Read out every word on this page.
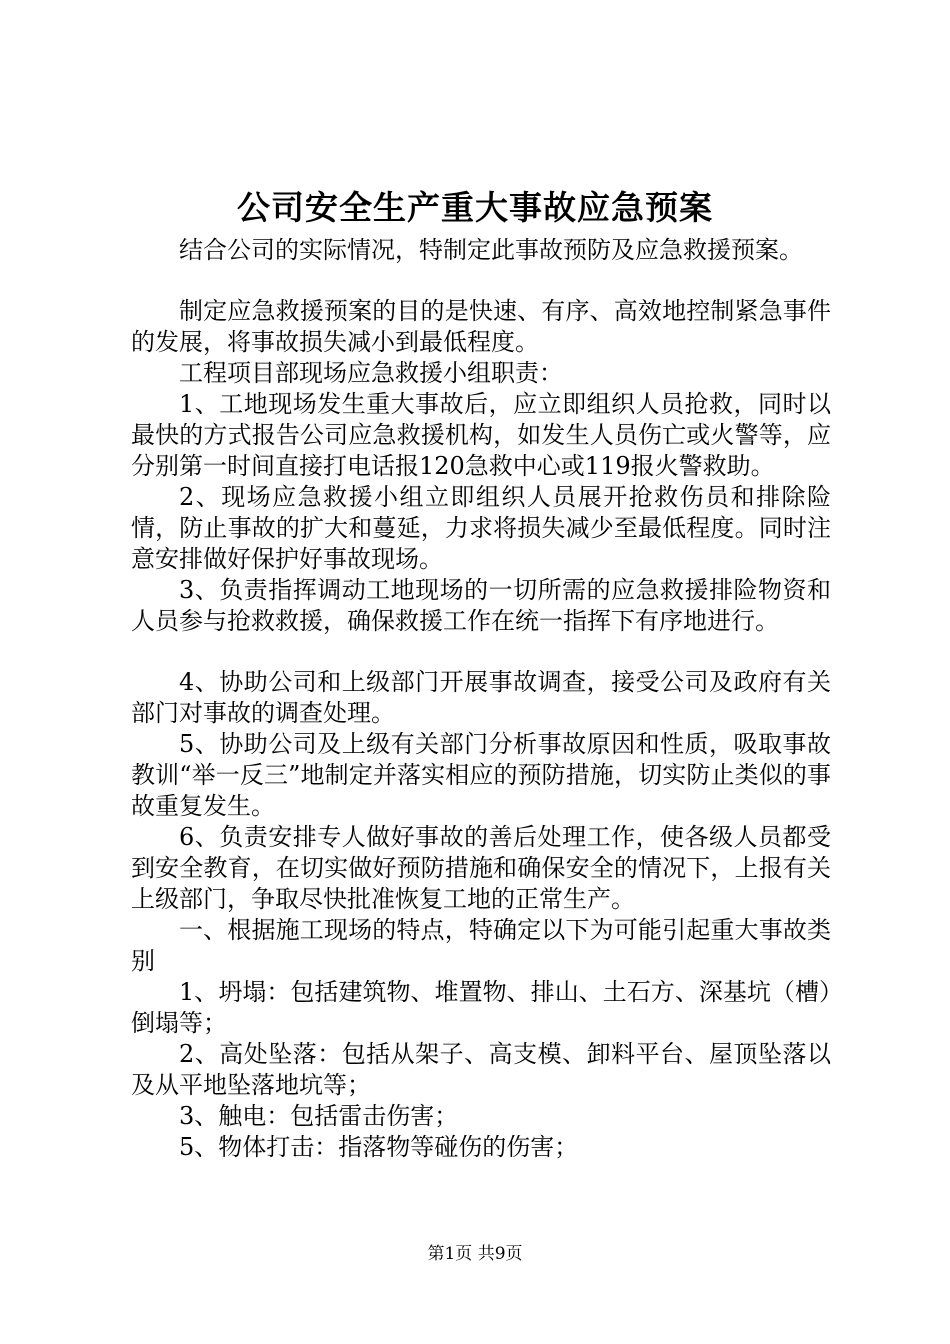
公司安全生产重大事故应急预案

结合公司的实际情况，特制定此事故预防及应急救援预案。

制定应急救援预案的目的是快速、有序、高效地控制紧急事件的发展，将事故损失减小到最低程度。

工程项目部现场应急救援小组职责：

1、工地现场发生重大事故后，应立即组织人员抢救，同时以最快的方式报告公司应急救援机构，如发生人员伤亡或火警等，应分别第一时间直接打电话报120急救中心或119报火警救助。

2、现场应急救援小组立即组织人员展开抢救伤员和排除险情，防止事故的扩大和蔓延，力求将损失减少至最低程度。同时注意安排做好保护好事故现场。

3、负责指挥调动工地现场的一切所需的应急救援排险物资和人员参与抢救救援，确保救援工作在统一指挥下有序地进行。

4、协助公司和上级部门开展事故调查，接受公司及政府有关部门对事故的调查处理。

5、协助公司及上级有关部门分析事故原因和性质，吸取事故教训“举一反三”地制定并落实相应的预防措施，切实防止类似的事故重复发生。

6、负责安排专人做好事故的善后处理工作，使各级人员都受到安全教育，在切实做好预防措施和确保安全的情况下，上报有关上级部门，争取尽快批准恢复工地的正常生产。

一、根据施工现场的特点，特确定以下为可能引起重大事故类别

1、坍塌：包括建筑物、堆置物、排山、土石方、深基坑（槽）倒塌等；

2、高处坠落：包括从架子、高支模、卸料平台、屋顶坠落以及从平地坠落地坑等；

3、触电：包括雷击伤害；

5、物体打击：指落物等碰伤的伤害；

第1页 共9页
